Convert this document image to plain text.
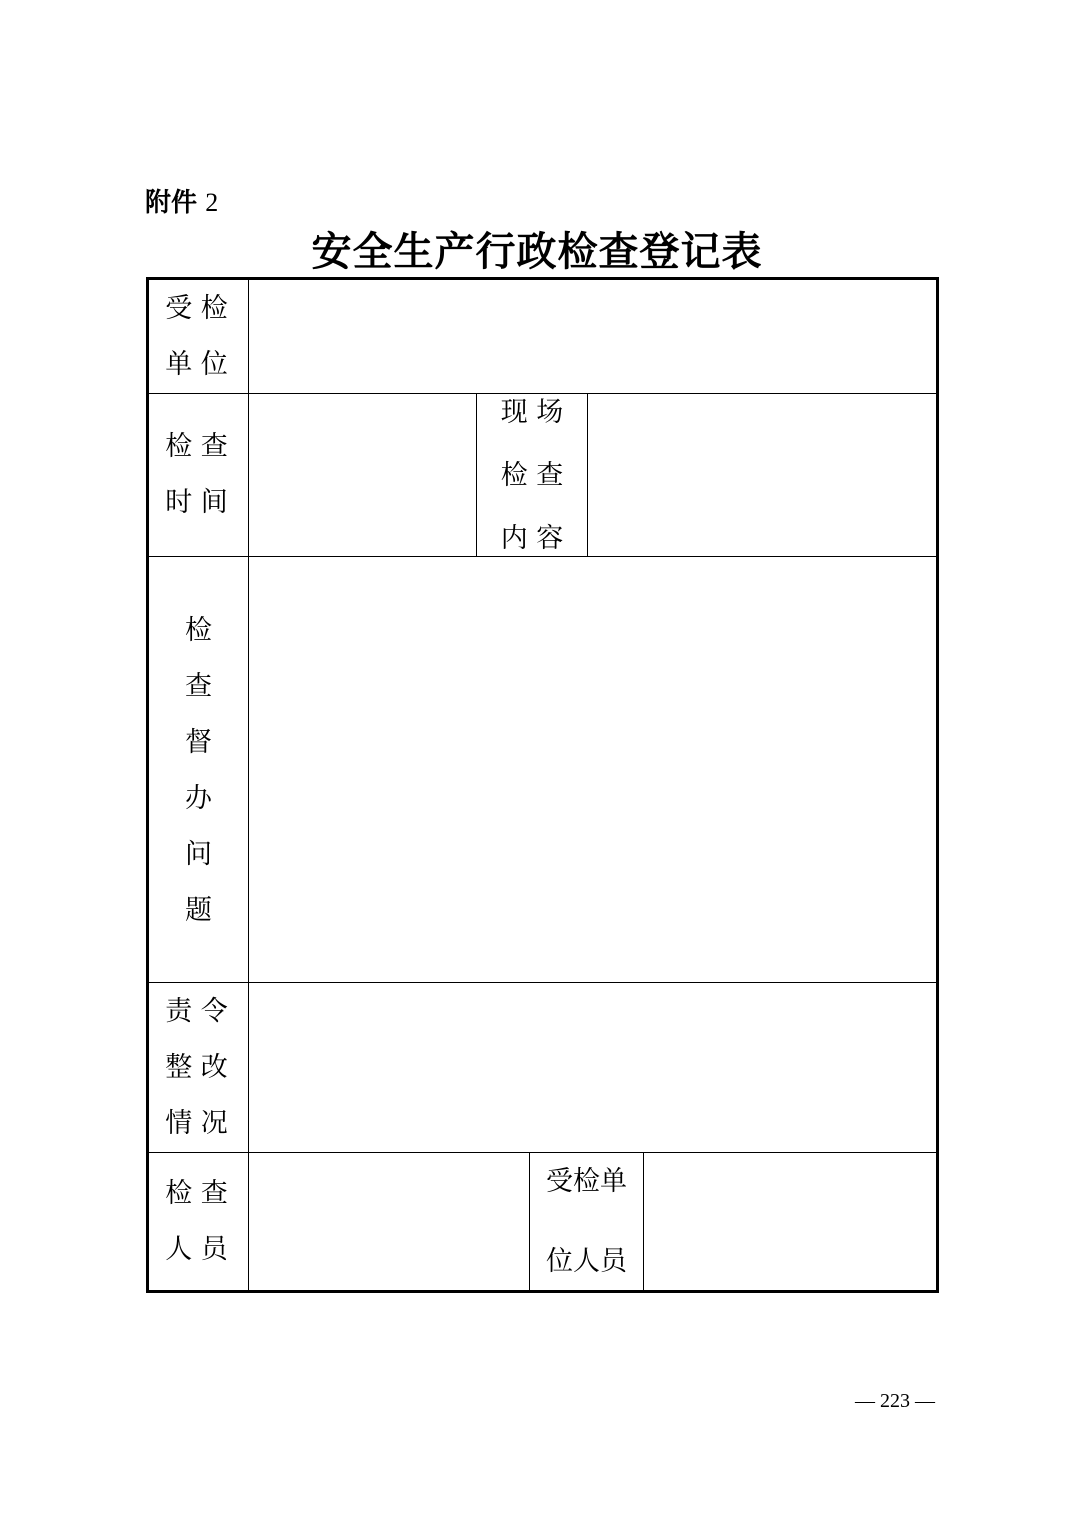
附件 2
安全生产行政检查登记表
受 检
单 位
检 查
时 间
现 场
检 查
内 容
检
查
督
办
问
题
责 令
整 改
情 况
检 查
人 员
受检单
位人员
— 223 —
